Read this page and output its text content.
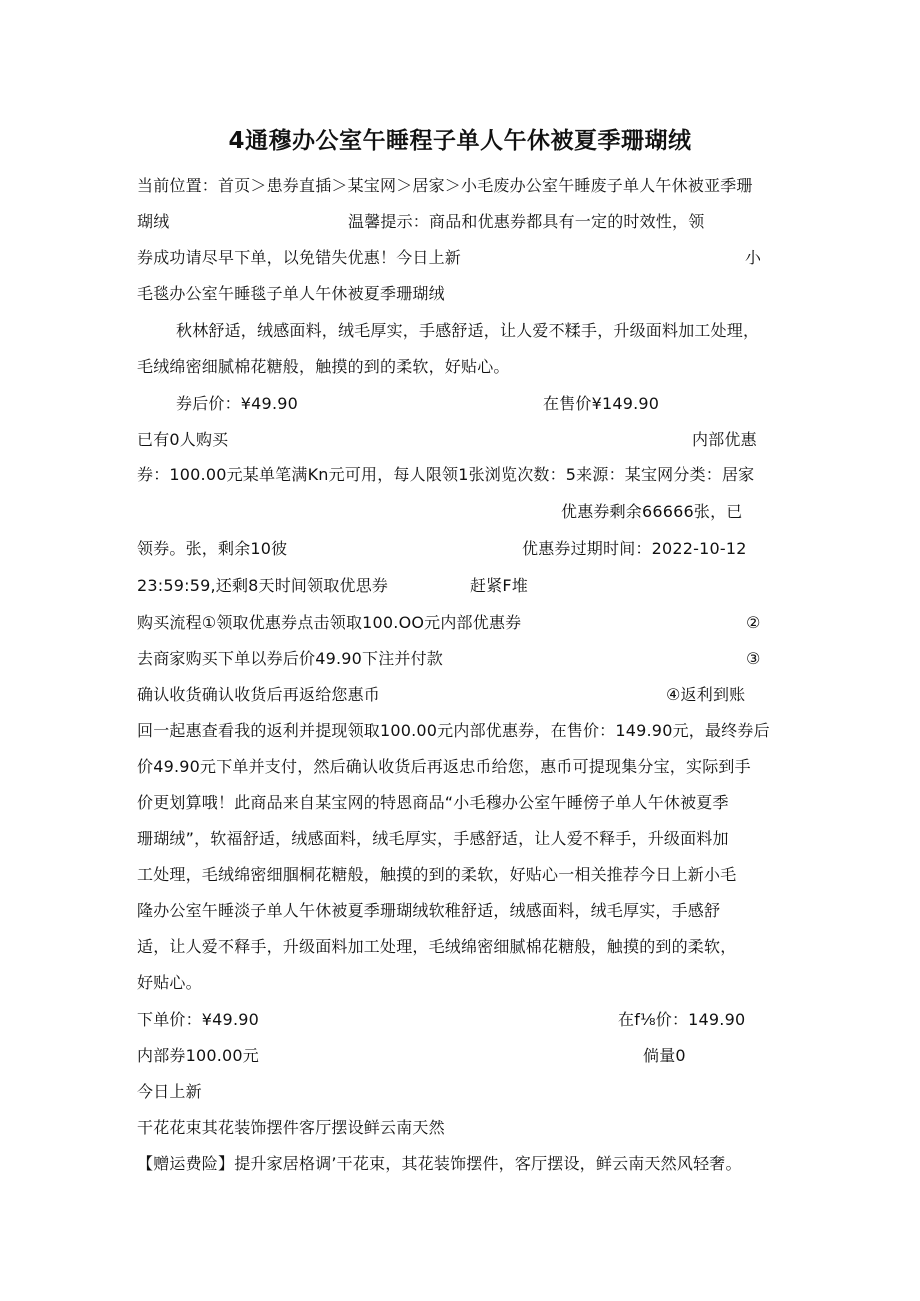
4通穆办公室午睡程子单人午休被夏季珊瑚绒
当前位置：首页＞患券直插＞某宝网＞居家＞小毛废办公室午睡废子单人午休被亚季珊
瑚绒	温馨提示：商品和优惠券都具有一定的时效性，领
券成功请尽早下单，以免错失优惠！今日上新	小
毛毯办公室午睡毯子单人午休被夏季珊瑚绒
秋林舒适，绒感面料，绒毛厚实，手感舒适，让人爱不糅手，升级面料加工处理，
毛绒绵密细腻棉花糖般，触摸的到的柔软，好贴心。
券后价：¥49.90	在售价¥149.90
已有0人购买	内部优惠
券：100.00元某单笔满Kn元可用，每人限领1张浏览次数：5来源：某宝网分类：居家
优惠券剩余66666张，已
领券。张，剩余10彼	优惠券过期时间：2022-10-12
23:59:59,还剩8天时间领取优思券	赶紧F堆
购买流程①领取优惠券点击领取100.OO元内部优惠券	②
去商家购买下单以券后价49.90下注并付款	③
确认收货确认收货后再返给您惠币	④返利到账
回一起惠查看我的返利并提现领取100.00元内部优惠券，在售价：149.90元，最终券后
价49.90元下单并支付，然后确认收货后再返忠币给您，惠币可提现集分宝，实际到手
价更划算哦！此商品来自某宝网的特恩商品“小毛穆办公室午睡傍子单人午休被夏季
珊瑚绒”，软福舒适，绒感面料，绒毛厚实，手感舒适，让人爱不释手，升级面料加
工处理，毛绒绵密细腘桐花糖般，触摸的到的柔软，好贴心一相关推荐今日上新小毛
隆办公室午睡淡子单人午休被夏季珊瑚绒软稚舒适，绒感面料，绒毛厚实，手感舒
适，让人爱不释手，升级面料加工处理，毛绒绵密细腻棉花糖般，触摸的到的柔软，
好贴心。
下单价：¥49.90	在f⅛价：149.90
内部券100.00元	倘量0
今日上新
干花花束其花装饰摆件客厅摆设鲜云南天然
【赠运费险】提升家居格调’干花束，其花装饰摆件，客厅摆设，鲜云南天然风轻奢。
